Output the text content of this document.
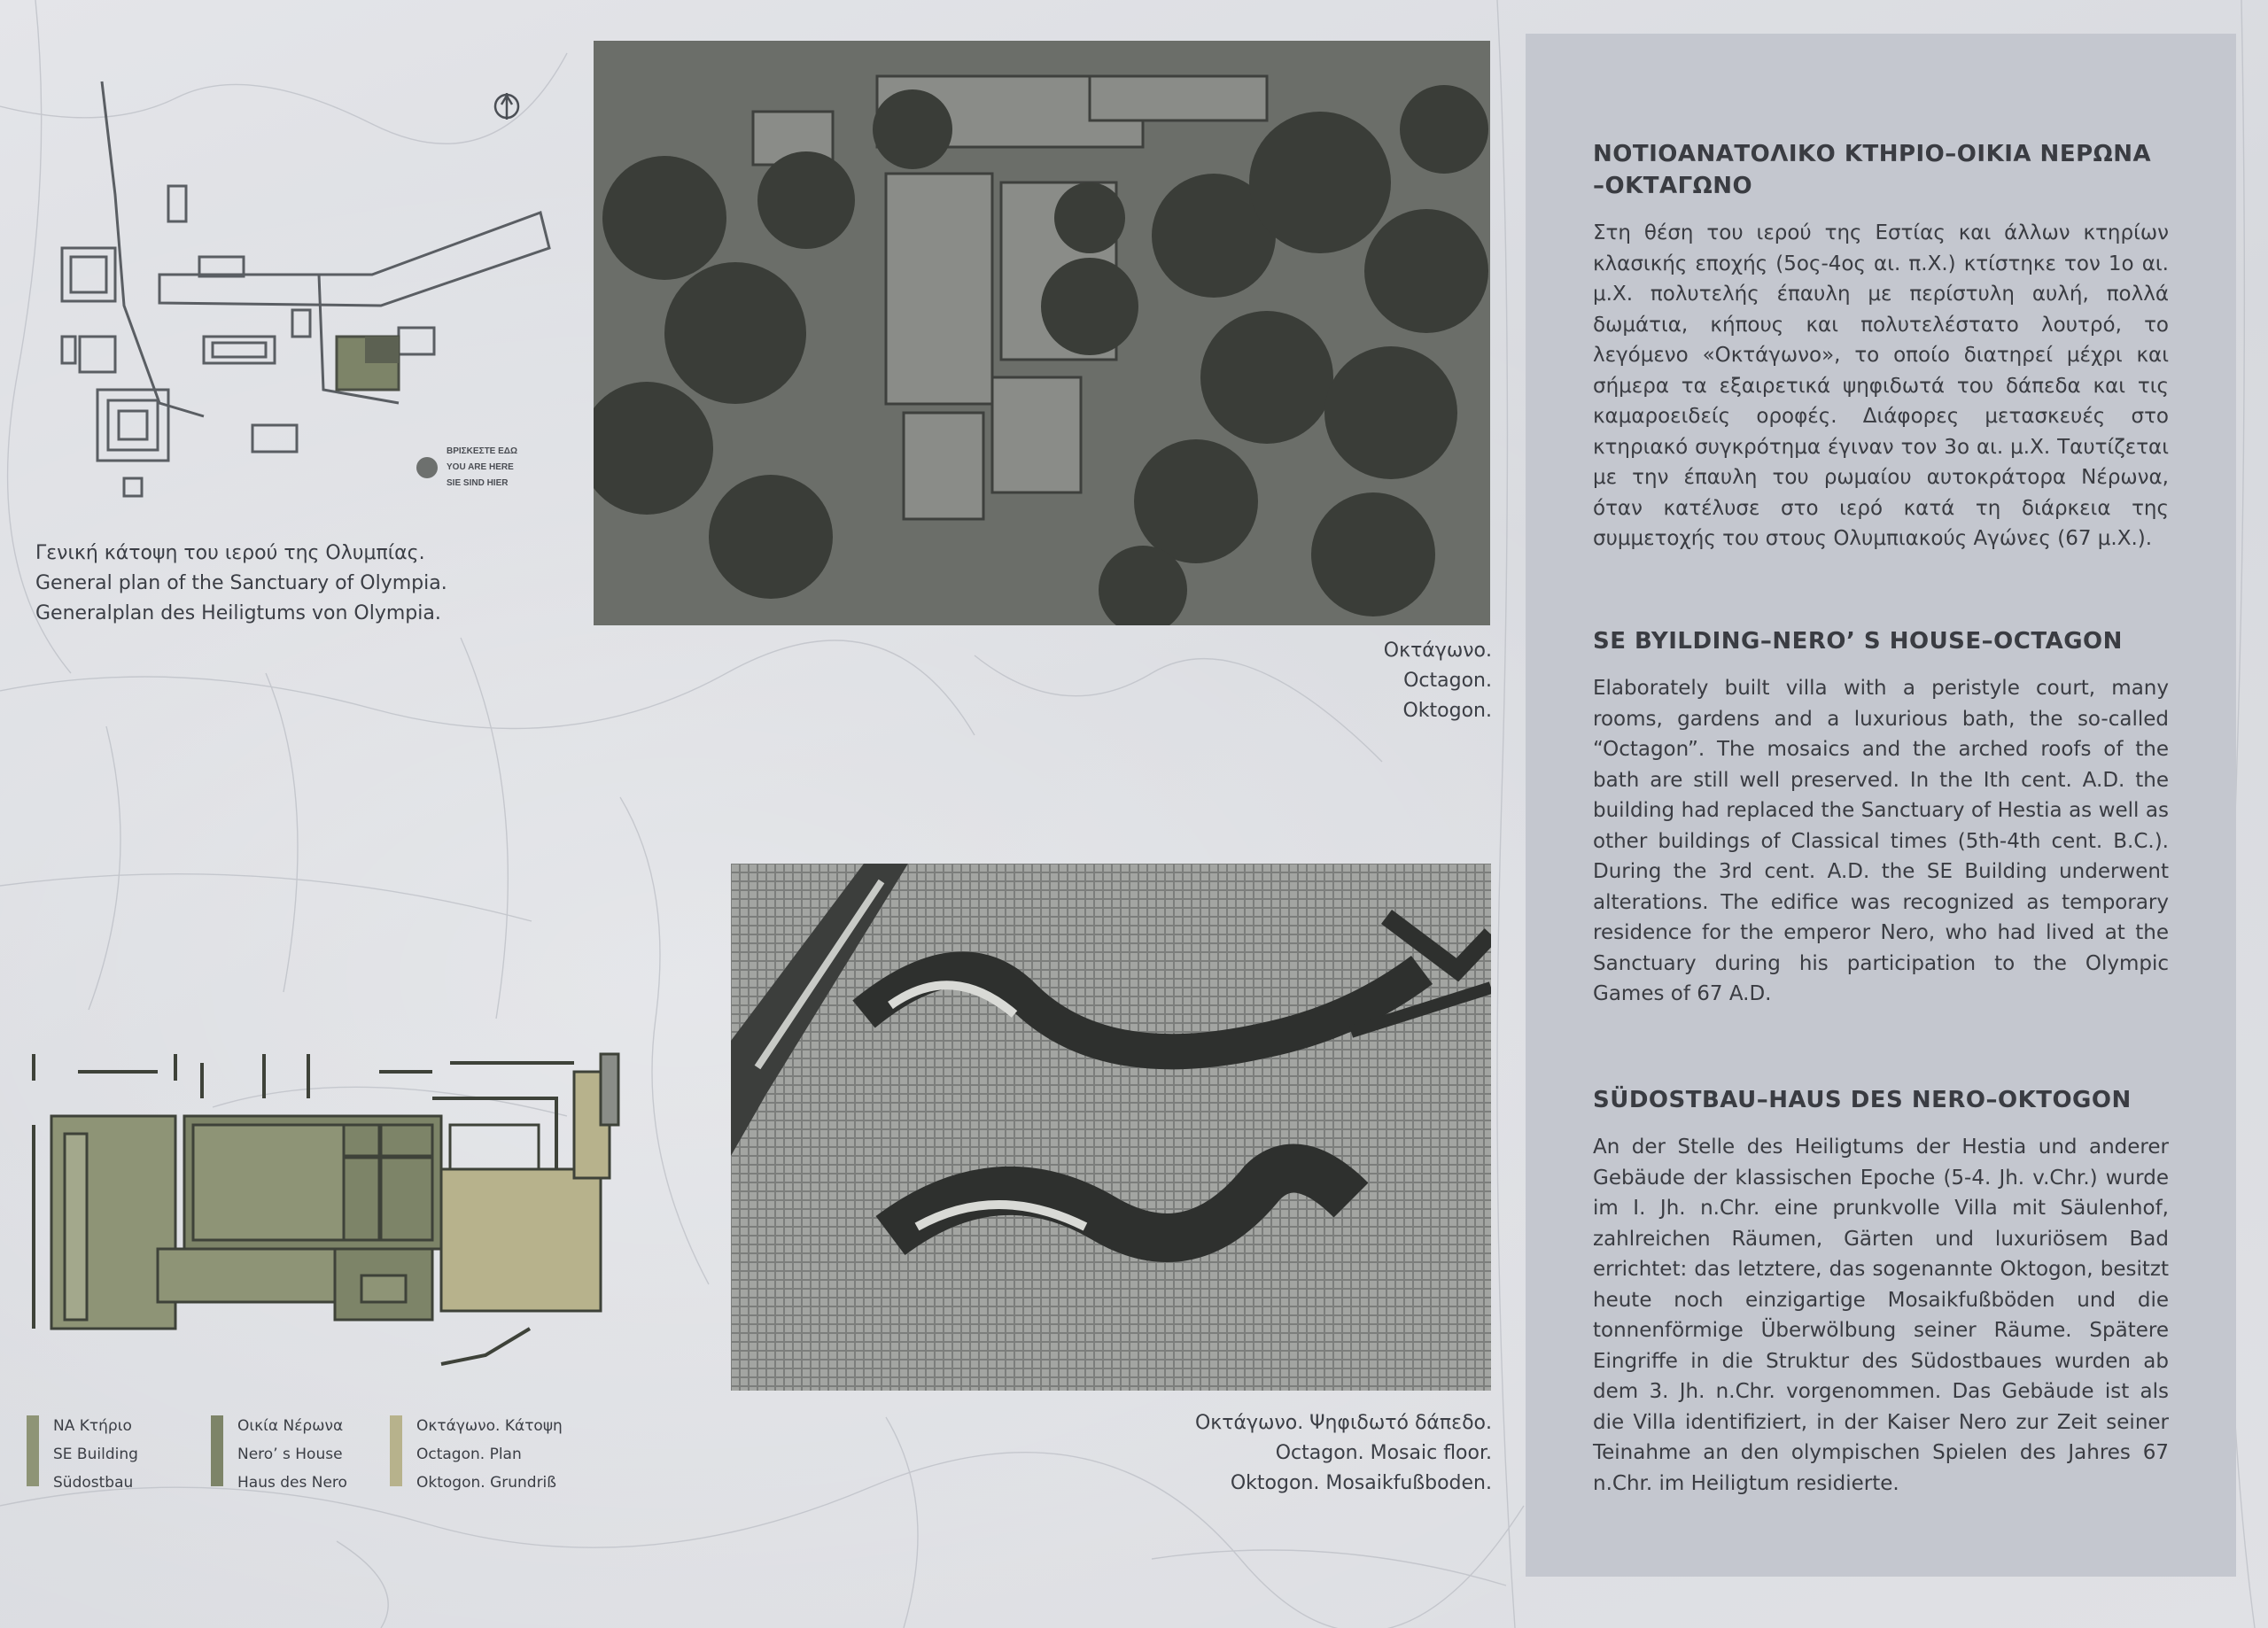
ΒΡΙΣΚΕΣΤΕ ΕΔΩ
YOU ARE HERE
SIE SIND HIER
Γενική κάτοψη του ιερού της Ολυμπίας.
General plan of the Sanctuary of Olympia.
Generalplan des Heiligtums von Olympia.
Οκτάγωνο.
Octagon.
Oktogon.
Οκτάγωνο. Ψηφιδωτό δάπεδο.
Octagon. Mosaic floor.
Oktogon. Mosaikfußboden.
ΝΑ Κτήριο
SE Building
Südostbau
Οικία Νέρωνα
Nero’ s House
Haus des Nero
Οκτάγωνο. Κάτοψη
Octagon. Plan
Oktogon. Grundriß
ΝΟΤΙΟΑΝΑΤΟΛΙΚΟ ΚΤΗΡΙΟ–ΟΙΚΙΑ ΝΕΡΩΝΑ
–ΟΚΤΑΓΩΝΟ
Στη θέση του ιερού της Εστίας και άλλων κτηρίων κλασικής εποχής (5ος-4ος αι. π.Χ.) κτίστηκε τον 1ο αι. μ.Χ. πολυτελής έπαυλη με περίστυλη αυλή, πολλά δωμάτια, κήπους και πολυτελέστατο λουτρό, το λεγόμενο «Οκτάγωνο», το οποίο διατηρεί μέχρι και σήμερα τα εξαιρετικά ψηφιδωτά του δάπεδα και τις καμαροειδείς οροφές. Διάφορες μετασκευές στο κτηριακό συγκρότημα έγιναν τον 3ο αι. μ.Χ. Ταυτίζεται με την έπαυλη του ρωμαίου αυτοκράτορα Νέρωνα, όταν κατέλυσε στο ιερό κατά τη διάρκεια της συμμετοχής του στους Ολυμπιακούς Αγώνες (67 μ.Χ.).
SE BYILDING–NERO’ S HOUSE–OCTAGON
Elaborately built villa with a peristyle court, many rooms, gardens and a luxurious bath, the so-called “Octagon”. The mosaics and the arched roofs of the bath are still well preserved. In the Ith cent. A.D. the building had replaced the Sanctuary of Hestia as well as other buildings of Classical times (5th-4th cent. B.C.). During the 3rd cent. A.D. the SE Building underwent alterations. The edifice was recognized as temporary residence for the emperor Nero, who had lived at the Sanctuary during his participation to the Olympic Games of 67 A.D.
SÜDOSTBAU–HAUS DES NERO–OKTOGON
An der Stelle des Heiligtums der Hestia und anderer Gebäude der klassischen Epoche (5-4. Jh. v.Chr.) wurde im I. Jh. n.Chr. eine prunkvolle Villa mit Säulenhof, zahlreichen Räumen, Gärten und luxuriösem Bad errichtet: das letztere, das sogenannte Oktogon, besitzt heute noch einzigartige Mosaikfußböden und die tonnenförmige Überwölbung seiner Räume. Spätere Eingriffe in die Struktur des Südostbaues wurden ab dem 3. Jh. n.Chr. vorgenommen. Das Gebäude ist als die Villa identifiziert, in der Kaiser Nero zur Zeit seiner Teinahme an den olympischen Spielen des Jahres 67 n.Chr. im Heiligtum residierte.
